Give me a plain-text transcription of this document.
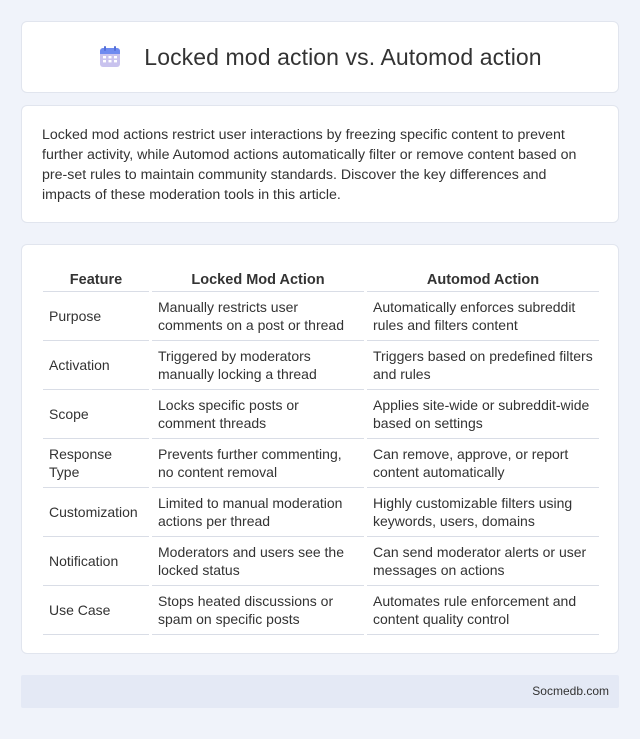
Locked mod action vs. Automod action

Locked mod actions restrict user interactions by freezing specific content to prevent further activity, while Automod actions automatically filter or remove content based on pre-set rules to maintain community standards. Discover the key differences and impacts of these moderation tools in this article.

Feature		Locked Mod Action		Automod Action
Purpose		Manually restricts user comments on a post or thread		Automatically enforces subreddit rules and filters content
Activation		Triggered by moderators manually locking a thread		Triggers based on predefined filters and rules
Scope		Locks specific posts or comment threads		Applies site-wide or subreddit-wide based on settings
Response Type		Prevents further commenting, no content removal		Can remove, approve, or report content automatically
Customization		Limited to manual moderation actions per thread		Highly customizable filters using keywords, users, domains
Notification		Moderators and users see the locked status		Can send moderator alerts or user messages on actions
Use Case		Stops heated discussions or spam on specific posts		Automates rule enforcement and content quality control
Socmedb.com
